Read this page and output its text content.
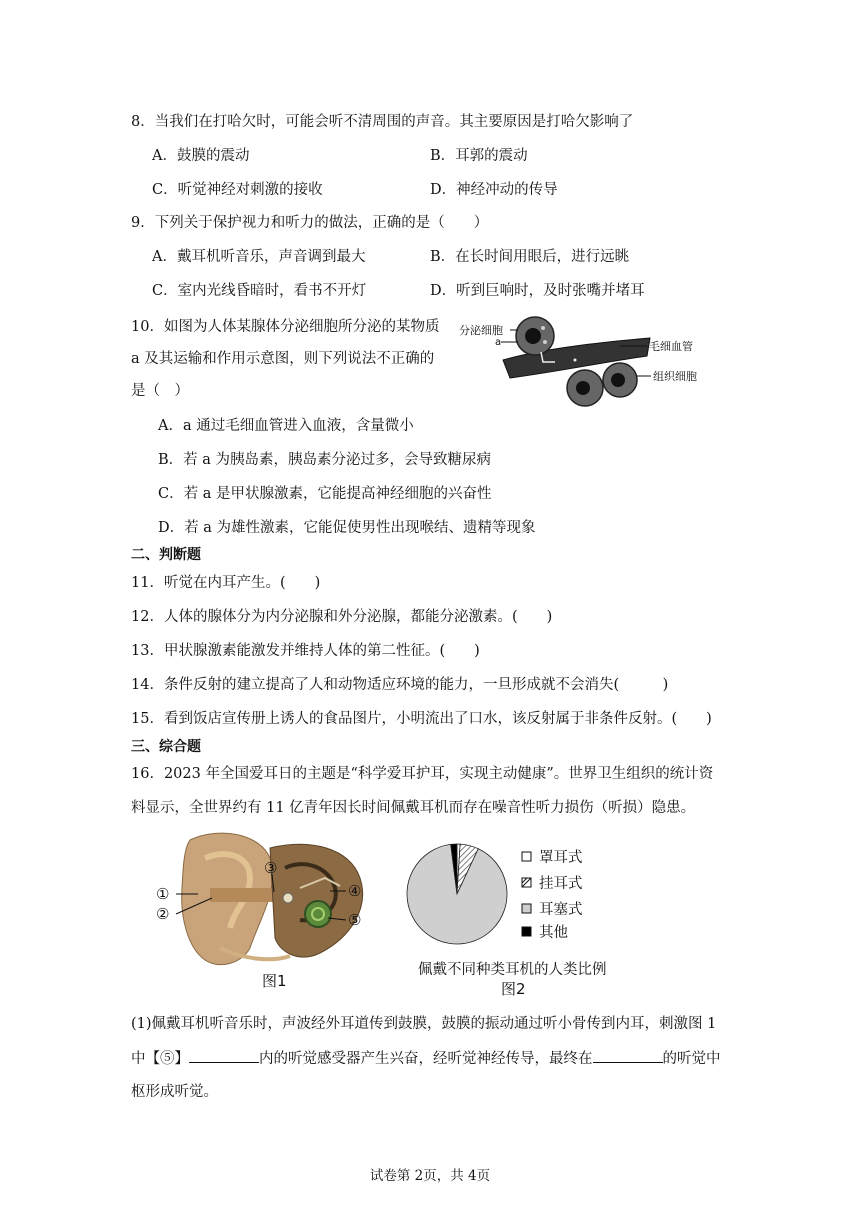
8．当我们在打哈欠时，可能会听不清周围的声音。其主要原因是打哈欠影响了
A．鼓膜的震动	B．耳郭的震动
C．听觉神经对刺激的接收	D．神经冲动的传导
9．下列关于保护视力和听力的做法，正确的是（　　）
A．戴耳机听音乐，声音调到最大	B．在长时间用眼后，进行远眺
C．室内光线昏暗时，看书不开灯	D．听到巨响时，及时张嘴并堵耳
10．如图为人体某腺体分泌细胞所分泌的某物质
a 及其运输和作用示意图，则下列说法不正确的
是（　）
分泌细胞
a	毛细血管
组织细胞
A．a 通过毛细血管进入血液，含量微小
B．若 a 为胰岛素，胰岛素分泌过多，会导致糖尿病
C．若 a 是甲状腺激素，它能提高神经细胞的兴奋性
D．若 a 为雄性激素，它能促使男性出现喉结、遗精等现象
二、判断题
11．听觉在内耳产生。(　　)
12．人体的腺体分为内分泌腺和外分泌腺，都能分泌激素。(　　)
13．甲状腺激素能激发并维持人体的第二性征。(　　)
14．条件反射的建立提高了人和动物适应环境的能力，一旦形成就不会消失(　　　)
15．看到饭店宣传册上诱人的食品图片，小明流出了口水，该反射属于非条件反射。(　　)
三、综合题
16．2023 年全国爱耳日的主题是“科学爱耳护耳，实现主动健康”。世界卫生组织的统计资
料显示，全世界约有 11 亿青年因长时间佩戴耳机而存在噪音性听力损伤（听损）隐患。
①
②
③
④
⑤
图1
罩耳式
挂耳式
耳塞式
其他
佩戴不同种类耳机的人类比例
图2
(1)佩戴耳机听音乐时，声波经外耳道传到鼓膜，鼓膜的振动通过听小骨传到内耳，刺激图 1
中【⑤】	内的听觉感受器产生兴奋，经听觉神经传导，最终在	的听觉中
枢形成听觉。
试卷第 2页，共 4页
